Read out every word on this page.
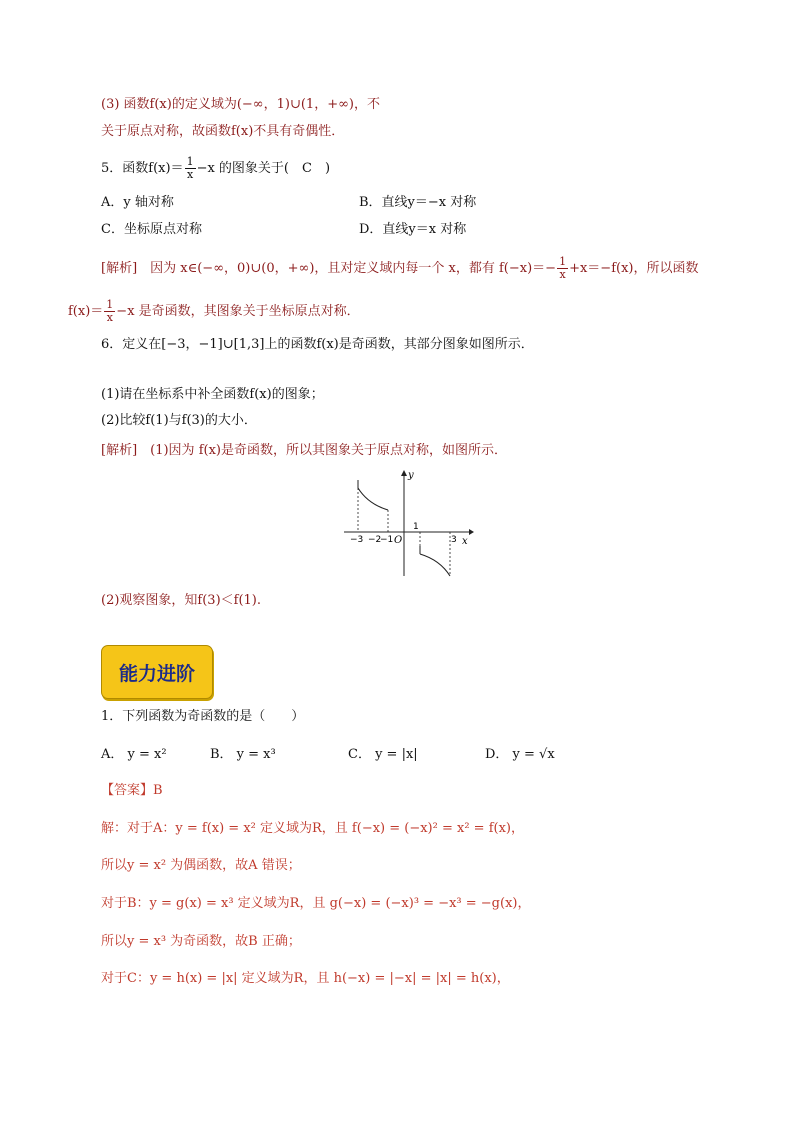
(3) 函数f(x)的定义域为(−∞，1)∪(1，+∞)，不
关于原点对称，故函数f(x)不具有奇偶性．
5．函数$f(x)= \frac{1}{x} -x$ 的图象关于(　C　)
A．y 轴对称	B．直线y＝−x 对称
C．坐标原点对称	D．直线y＝x 对称
[解析]　因为 x∈(−∞，0)∪(0，+∞)，且对定义域内每一个 x，都有 $f(-x)=- \frac{1}{x} +x=-f(x)$，所以函数
$f(x)= \frac{1}{x} -x$ 是奇函数，其图象关于坐标原点对称．
6．定义在[−3，−1]∪[1,3]上的函数f(x)是奇函数，其部分图象如图所示．
(1)请在坐标系中补全函数f(x)的图象；
(2)比较f(1)与f(3)的大小．
[解析]　(1)因为 f(x)是奇函数，所以其图象关于原点对称，如图所示．
y
x
O
−3 −2
−1
1
3
(2)观察图象，知f(3)＜f(1).
能力进阶
1．下列函数为奇函数的是（　　）
A． y = x²	B． y = x³	C． y = |x|	D． y = √x
【答案】B
解：对于A：y = f(x) = x² 定义域为R，且 f(−x) = (−x)² = x² = f(x)，
所以y = x² 为偶函数，故A 错误；
对于B：y = g(x) = x³ 定义域为R，且 g(−x) = (−x)³ = −x³ = −g(x)，
所以y = x³ 为奇函数，故B 正确；
对于C：y = h(x) = |x| 定义域为R，且 h(−x) = |−x| = |x| = h(x)，
